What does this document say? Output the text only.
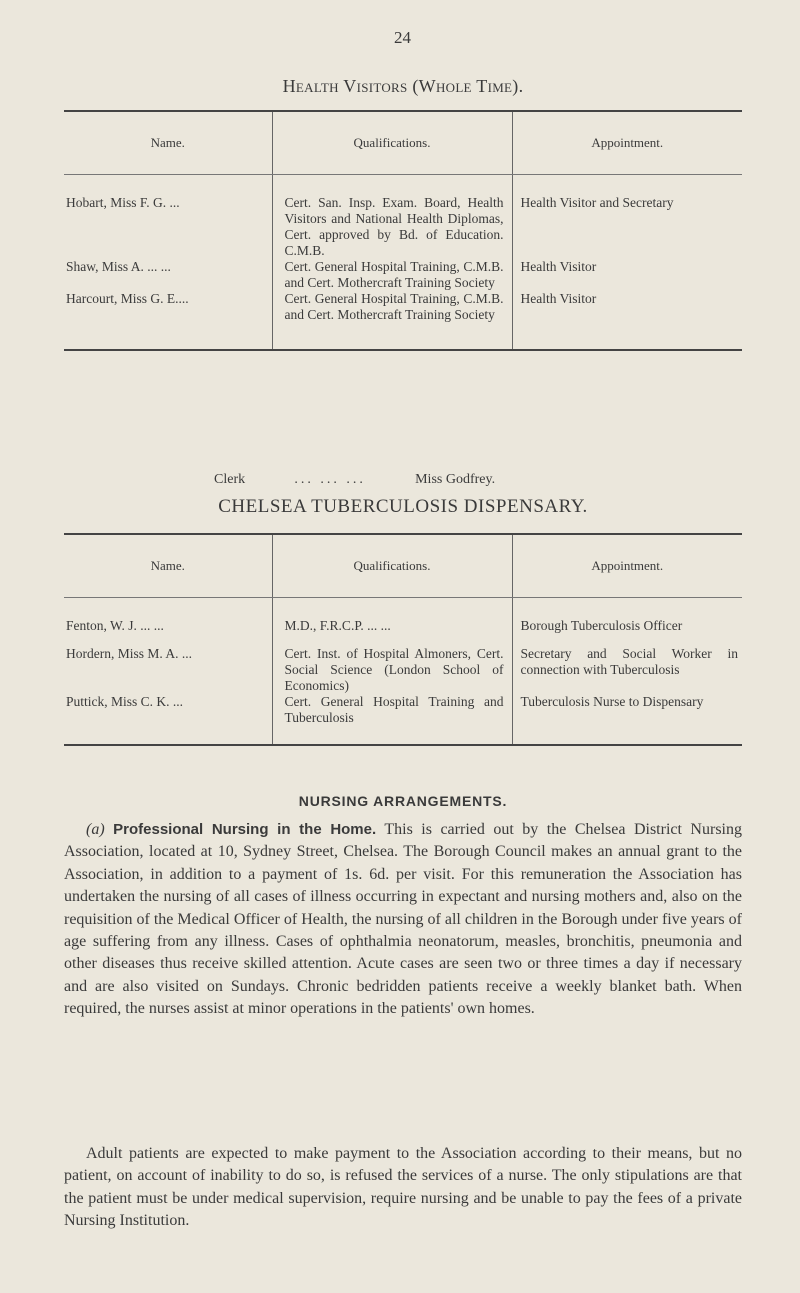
24
Health Visitors (Whole Time).
Name.	Qualifications.	Appointment.
Hobart, Miss F. G. ...	Cert. San. Insp. Exam. Board, Health Visitors and National Health Diplomas, Cert. approved by Bd. of Education. C.M.B.	Health Visitor and Secretary
Shaw, Miss A. ... ...	Cert. General Hospital Training, C.M.B. and Cert. Mothercraft Training Society	Health Visitor
Harcourt, Miss G. E....	Cert. General Hospital Training, C.M.B. and Cert. Mothercraft Training Society	Health Visitor
Clerk	... ... ...	Miss Godfrey.
CHELSEA TUBERCULOSIS DISPENSARY.
Name.	Qualifications.	Appointment.
Fenton, W. J. ... ...	M.D., F.R.C.P. ... ...	Borough Tuberculosis Officer
Hordern, Miss M. A. ...	Cert. Inst. of Hospital Almoners, Cert. Social Science (London School of Economics)	Secretary and Social Worker in connection with Tuberculosis
Puttick, Miss C. K. ...	Cert. General Hospital Training and Tuberculosis	Tuberculosis Nurse to Dispensary
NURSING ARRANGEMENTS.

(a) Professional Nursing in the Home. This is carried out by the Chelsea District Nursing Association, located at 10, Sydney Street, Chelsea. The Borough Council makes an annual grant to the Association, in addition to a payment of 1s. 6d. per visit. For this remuneration the Association has undertaken the nursing of all cases of illness occurring in expectant and nursing mothers and, also on the requisition of the Medical Officer of Health, the nursing of all children in the Borough under five years of age suffering from any illness. Cases of ophthalmia neonatorum, measles, bronchitis, pneumonia and other diseases thus receive skilled attention. Acute cases are seen two or three times a day if necessary and are also visited on Sundays. Chronic bedridden patients receive a weekly blanket bath. When required, the nurses assist at minor operations in the patients' own homes.

Adult patients are expected to make payment to the Association according to their means, but no patient, on account of inability to do so, is refused the services of a nurse. The only stipulations are that the patient must be under medical supervision, require nursing and be unable to pay the fees of a private Nursing Institution.
